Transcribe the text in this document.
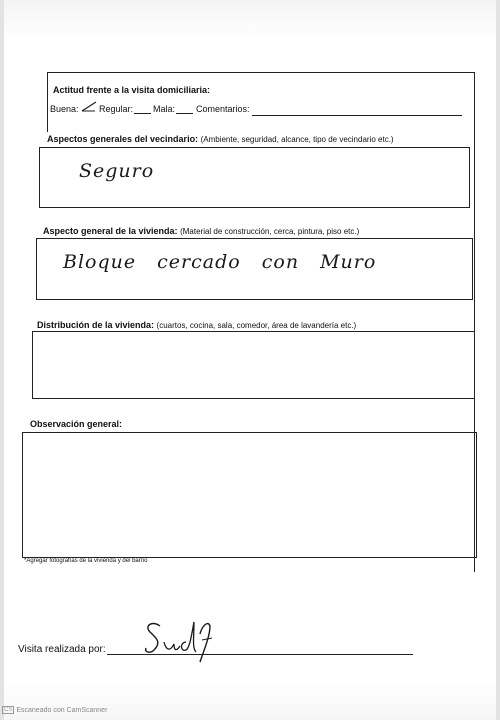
Actitud frente a la visita domiciliaria:
Buena: Regular: Mala: Comentarios:
Aspectos generales del vecindario: (Ambiente, seguridad, alcance, tipo de vecindario etc.)
Seguro
Aspecto general de la vivienda: (Material de construcción, cerca, pintura, piso etc.)
Bloque cercado con Muro
Distribución de la vivienda: (cuartos, cocina, sala, comedor, área de lavandería etc.)
Observación general:
*Agregar fotografías de la vivienda y del barrio
Visita realizada por:
CS Escaneado con CamScanner
